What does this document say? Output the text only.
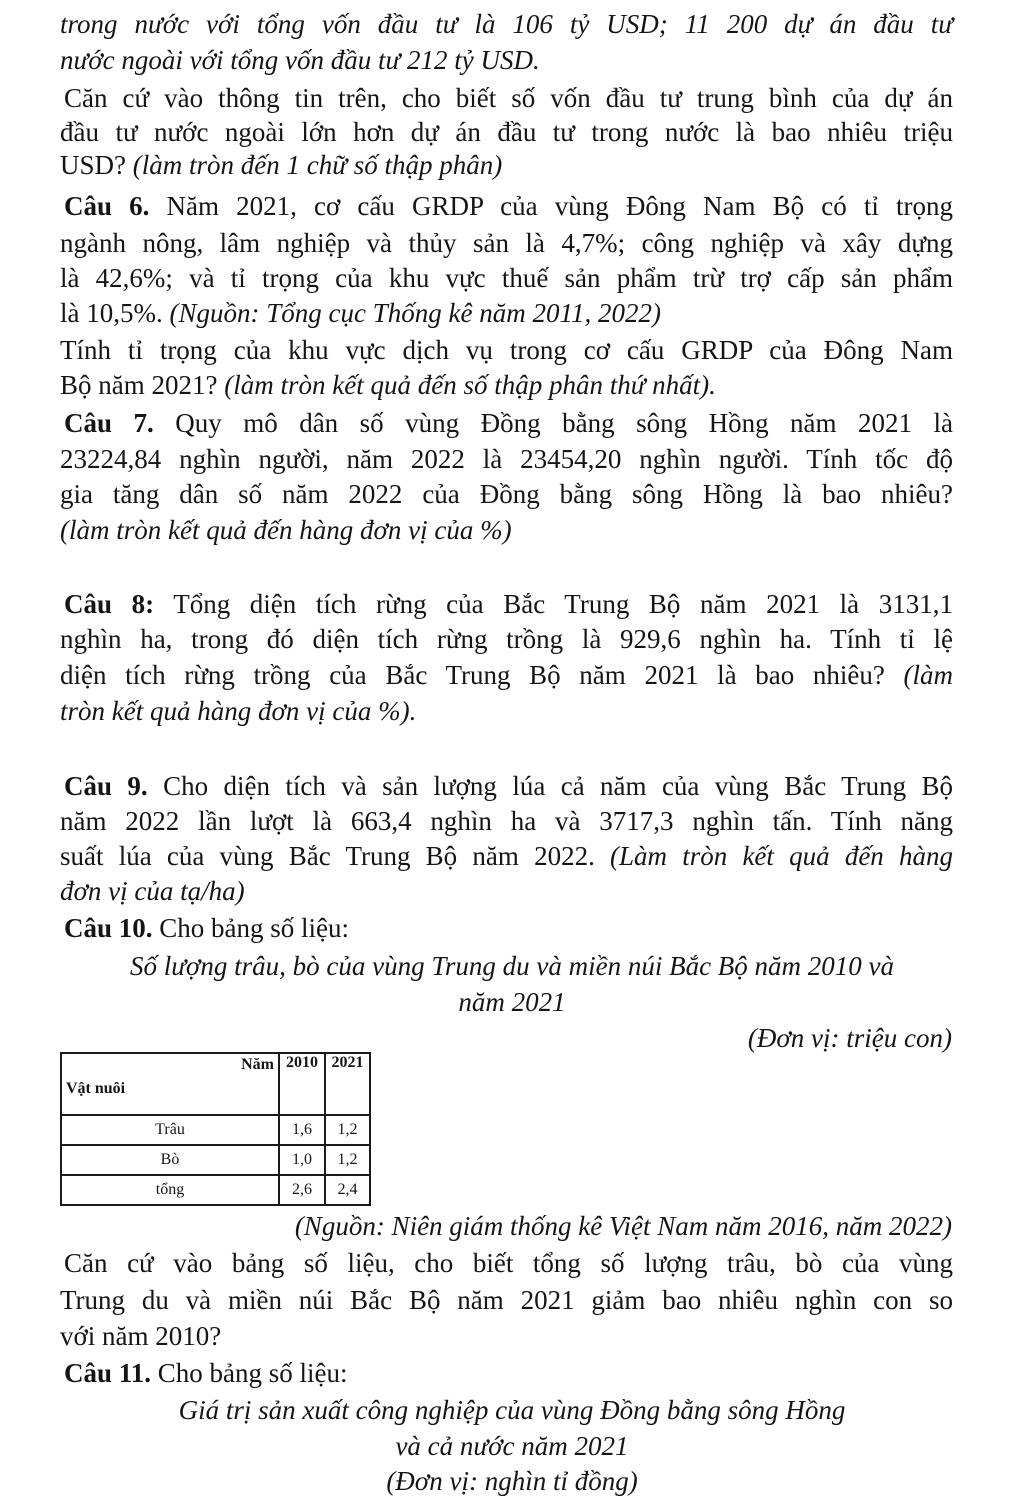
trong nước với tổng vốn đầu tư là 106 tỷ USD; 11 200 dự án đầu tư
nước ngoài với tổng vốn đầu tư 212 tỷ USD.
Căn cứ vào thông tin trên, cho biết số vốn đầu tư trung bình của dự án
đầu tư nước ngoài lớn hơn dự án đầu tư trong nước là bao nhiêu triệu
USD? (làm tròn đến 1 chữ số thập phân)
Câu 6. Năm 2021, cơ cấu GRDP của vùng Đông Nam Bộ có tỉ trọng
ngành nông, lâm nghiệp và thủy sản là 4,7%; công nghiệp và xây dựng
là 42,6%; và tỉ trọng của khu vực thuế sản phẩm trừ trợ cấp sản phẩm
là 10,5%. (Nguồn: Tổng cục Thống kê năm 2011, 2022)
Tính tỉ trọng của khu vực dịch vụ trong cơ cấu GRDP của Đông Nam
Bộ năm 2021? (làm tròn kết quả đến số thập phân thứ nhất).
Câu 7. Quy mô dân số vùng Đồng bằng sông Hồng năm 2021 là
23224,84 nghìn người, năm 2022 là 23454,20 nghìn người. Tính tốc độ
gia tăng dân số năm 2022 của Đồng bằng sông Hồng là bao nhiêu?
(làm tròn kết quả đến hàng đơn vị của %)
Câu 8: Tổng diện tích rừng của Bắc Trung Bộ năm 2021 là 3131,1
nghìn ha, trong đó diện tích rừng trồng là 929,6 nghìn ha. Tính tỉ lệ
diện tích rừng trồng của Bắc Trung Bộ năm 2021 là bao nhiêu? (làm
tròn kết quả hàng đơn vị của %).
Câu 9. Cho diện tích và sản lượng lúa cả năm của vùng Bắc Trung Bộ
năm 2022 lần lượt là 663,4 nghìn ha và 3717,3 nghìn tấn. Tính năng
suất lúa của vùng Bắc Trung Bộ năm 2022. (Làm tròn kết quả đến hàng
đơn vị của tạ/ha)
Câu 10. Cho bảng số liệu:
Số lượng trâu, bò của vùng Trung du và miền núi Bắc Bộ năm 2010 và
năm 2021
(Đơn vị: triệu con)
Năm
Vật nuôi	2010	2021
Trâu	1,6	1,2
Bò	1,0	1,2
tổng	2,6	2,4
(Nguồn: Niên giám thống kê Việt Nam năm 2016, năm 2022)
Căn cứ vào bảng số liệu, cho biết tổng số lượng trâu, bò của vùng
Trung du và miền núi Bắc Bộ năm 2021 giảm bao nhiêu nghìn con so
với năm 2010?
Câu 11. Cho bảng số liệu:
Giá trị sản xuất công nghiệp của vùng Đồng bằng sông Hồng
và cả nước năm 2021
(Đơn vị: nghìn tỉ đồng)
